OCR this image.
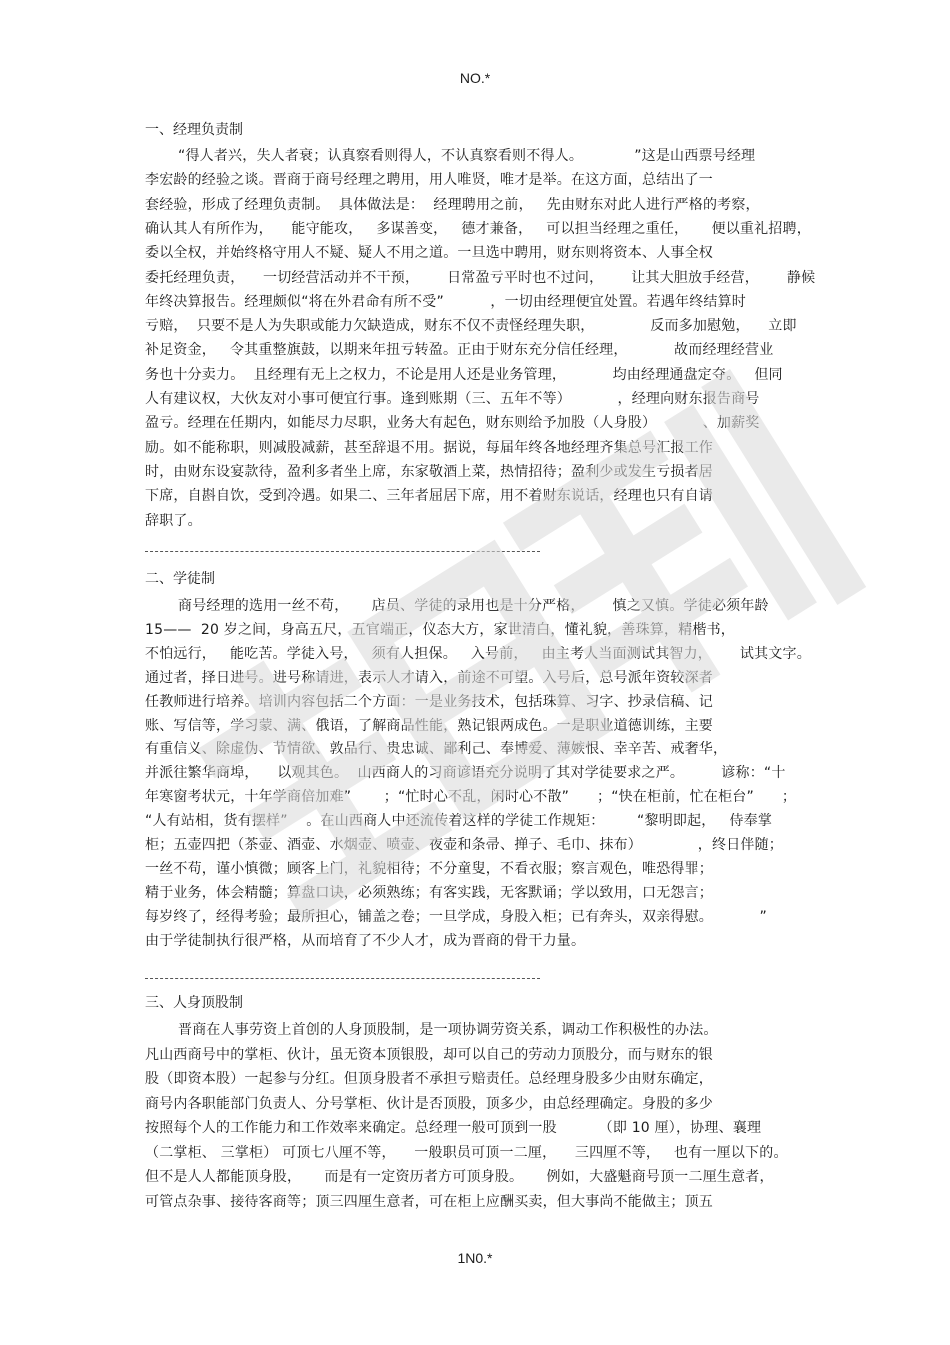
NO.*
一、经理负责制
“得人者兴，失人者衰；认真察看则得人，不认真察看则不得人。           ”这是山西票号经理
李宏龄的经验之谈。晋商于商号经理之聘用，用人唯贤，唯才是举。在这方面，总结出了一
套经验，形成了经理负责制。  具体做法是：  经理聘用之前，   先由财东对此人进行严格的考察，
确认其人有所作为，    能守能攻，   多谋善变，   德才兼备，   可以担当经理之重任，     便以重礼招聘，
委以全权，并始终格守用人不疑、疑人不用之道。一旦选中聘用，财东则将资本、人事全权
委托经理负责，    一切经营活动并不干预，      日常盈亏平时也不过问，      让其大胆放手经营，      静候
年终决算报告。经理颇似“将在外君命有所不受”          ，一切由经理便宜处置。若遇年终结算时
亏赔，  只要不是人为失职或能力欠缺造成，财东不仅不责怪经理失职，            反而多加慰勉，    立即
补足资金，   令其重整旗鼓，以期来年扭亏转盈。正由于财东充分信任经理，          故而经理经营业
务也十分卖力。  且经理有无上之权力，不论是用人还是业务管理，          均由经理通盘定夺。   但同
人有建议权，大伙友对小事可便宜行事。逢到账期（三、五年不等）          ，经理向财东报告商号
盈亏。经理在任期内，如能尽力尽职，业务大有起色，财东则给予加股（人身股）          、加薪奖
励。如不能称职，则减股减薪，甚至辞退不用。据说，每届年终各地经理齐集总号汇报工作
时，由财东设宴款待，盈利多者坐上席，东家敬酒上菜，热情招待；盈利少或发生亏损者居
下席，自斟自饮，受到冷遇。如果二、三年者屈居下席，用不着财东说话，经理也只有自请
辞职了。
二、学徒制
商号经理的选用一丝不苟，     店员、学徒的录用也是十分严格，      慎之又慎。学徒必须年龄
15——  20 岁之间，身高五尺，五官端正，仪态大方，家世清白，懂礼貌，善珠算，精楷书，
不怕远行，   能吃苦。学徒入号，   须有人担保。   入号前，   由主考人当面测试其智力，      试其文字。
通过者，择日进号。进号称请进，表示人才请入，前途不可望。入号后，总号派年资较深者
任教师进行培养。培训内容包括二个方面：一是业务技术，包括珠算、习字、抄录信稿、记
账、写信等，学习蒙、满、俄语，了解商品性能，熟记银两成色。一是职业道德训练，主要
有重信义、除虚伪、节情欲、敦品行、贵忠诚、鄙利己、奉博爱、薄嫉恨、幸辛苦、戒奢华，
并派往繁华商埠，    以观其色。  山西商人的习商谚语充分说明了其对学徒要求之严。        谚称：“十
年寒窗考状元，十年学商倍加难”       ；“忙时心不乱，闲时心不散”      ；“快在柜前，忙在柜台”      ；
“人有站相，货有摆样”    。在山西商人中还流传着这样的学徒工作规矩：       “黎明即起，   侍奉掌
柜；五壶四把（茶壶、酒壶、水烟壶、喷壶、夜壶和条帚、掸子、毛巾、抹布）            ，终日伴随；
一丝不苟，谨小慎微；顾客上门，礼貌相待；不分童叟，不看衣服；察言观色，唯恐得罪；
精于业务，体会精髓；算盘口诀，必须熟练；有客实践，无客默诵；学以致用，口无怨言；
每岁终了，经得考验；最所担心，铺盖之卷；一旦学成，身股入柜；已有奔头，双亲得慰。          ”
由于学徒制执行很严格，从而培育了不少人才，成为晋商的骨干力量。
三、人身顶股制
晋商在人事劳资上首创的人身顶股制，是一项协调劳资关系，调动工作积极性的办法。
凡山西商号中的掌柜、伙计，虽无资本顶银股，却可以自己的劳动力顶股分，而与财东的银
股（即资本股）一起参与分红。但顶身股者不承担亏赔责任。总经理身股多少由财东确定，
商号内各职能部门负责人、分号掌柜、伙计是否顶股，顶多少，由总经理确定。身股的多少
按照每个人的工作能力和工作效率来确定。总经理一般可顶到一股         （即 10 厘），协理、襄理
（二掌柜、 三掌柜） 可顶七八厘不等，    一般职员可顶一二厘，    三四厘不等，   也有一厘以下的。
但不是人人都能顶身股，     而是有一定资历者方可顶身股。     例如，大盛魁商号顶一二厘生意者，
可管点杂事、接待客商等；顶三四厘生意者，可在柜上应酬买卖，但大事尚不能做主；顶五
1N0.*
